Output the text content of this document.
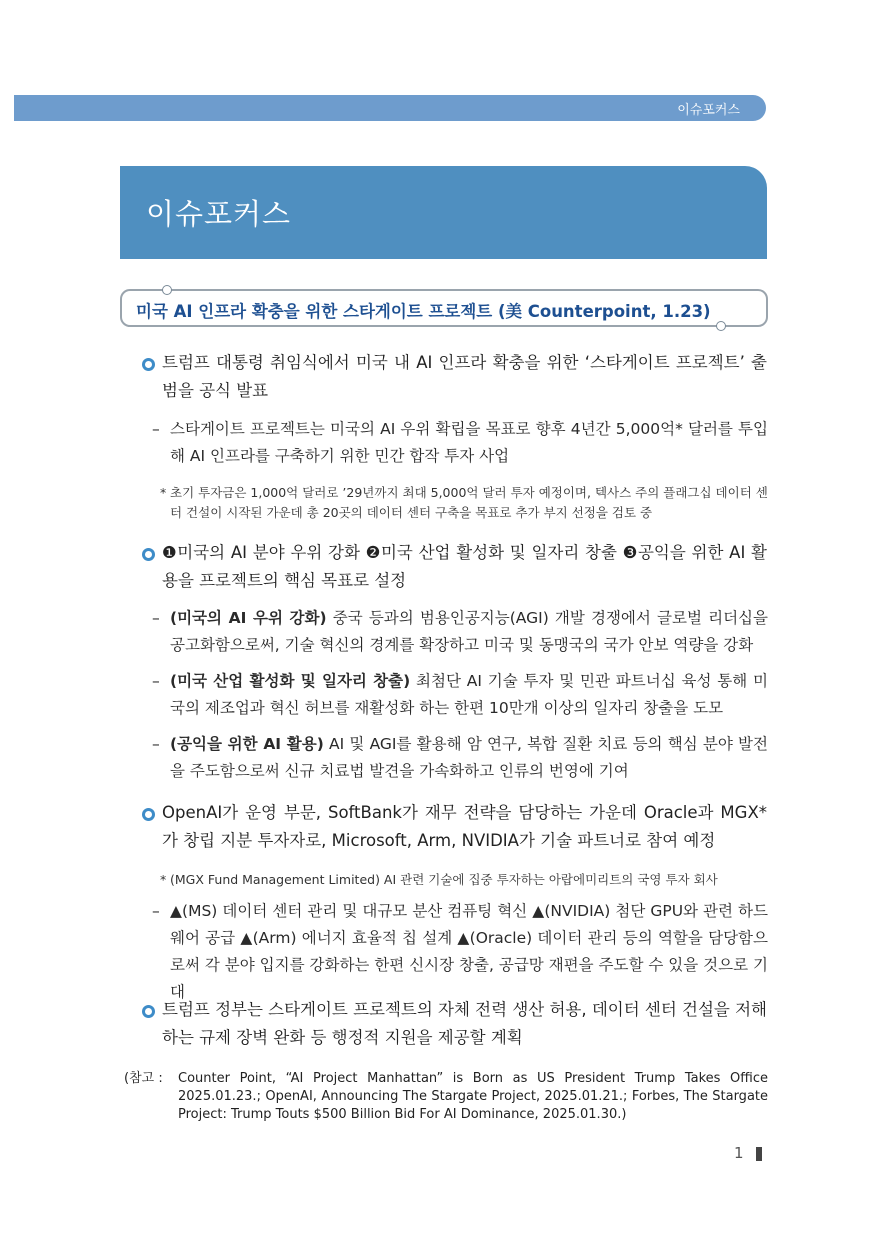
이슈포커스
이슈포커스
미국 AI 인프라 확충을 위한 스타게이트 프로젝트 (美 Counterpoint, 1.23)
트럼프 대통령 취임식에서 미국 내 AI 인프라 확충을 위한 ‘스타게이트 프로젝트’ 출범을 공식 발표
– 스타게이트 프로젝트는 미국의 AI 우위 확립을 목표로 향후 4년간 5,000억* 달러를 투입해 AI 인프라를 구축하기 위한 민간 합작 투자 사업
* 초기 투자금은 1,000억 달러로 ’29년까지 최대 5,000억 달러 투자 예정이며, 텍사스 주의 플래그십 데이터 센터 건설이 시작된 가운데 총 20곳의 데이터 센터 구축을 목표로 추가 부지 선정을 검토 중
❶미국의 AI 분야 우위 강화 ❷미국 산업 활성화 및 일자리 창출 ❸공익을 위한 AI 활용을 프로젝트의 핵심 목표로 설정
– (미국의 AI 우위 강화) 중국 등과의 범용인공지능(AGI) 개발 경쟁에서 글로벌 리더십을 공고화함으로써, 기술 혁신의 경계를 확장하고 미국 및 동맹국의 국가 안보 역량을 강화
– (미국 산업 활성화 및 일자리 창출) 최첨단 AI 기술 투자 및 민관 파트너십 육성 통해 미국의 제조업과 혁신 허브를 재활성화 하는 한편 10만개 이상의 일자리 창출을 도모
– (공익을 위한 AI 활용) AI 및 AGI를 활용해 암 연구, 복합 질환 치료 등의 핵심 분야 발전을 주도함으로써 신규 치료법 발견을 가속화하고 인류의 번영에 기여
OpenAI가 운영 부문, SoftBank가 재무 전략을 담당하는 가운데 Oracle과 MGX*가 창립 지분 투자자로, Microsoft, Arm, NVIDIA가 기술 파트너로 참여 예정
* (MGX Fund Management Limited) AI 관련 기술에 집중 투자하는 아랍에미리트의 국영 투자 회사
– ▲(MS) 데이터 센터 관리 및 대규모 분산 컴퓨팅 혁신 ▲(NVIDIA) 첨단 GPU와 관련 하드웨어 공급 ▲(Arm) 에너지 효율적 칩 설계 ▲(Oracle) 데이터 관리 등의 역할을 담당함으로써 각 분야 입지를 강화하는 한편 신시장 창출, 공급망 재편을 주도할 수 있을 것으로 기대
트럼프 정부는 스타게이트 프로젝트의 자체 전력 생산 허용, 데이터 센터 건설을 저해하는 규제 장벽 완화 등 행정적 지원을 제공할 계획
(참고 :	Counter Point, “AI Project Manhattan” is Born as US President Trump Takes Office 2025.01.23.; OpenAI, Announcing The Stargate Project, 2025.01.21.; Forbes, The Stargate Project: Trump Touts $500 Billion Bid For AI Dominance, 2025.01.30.)
1
